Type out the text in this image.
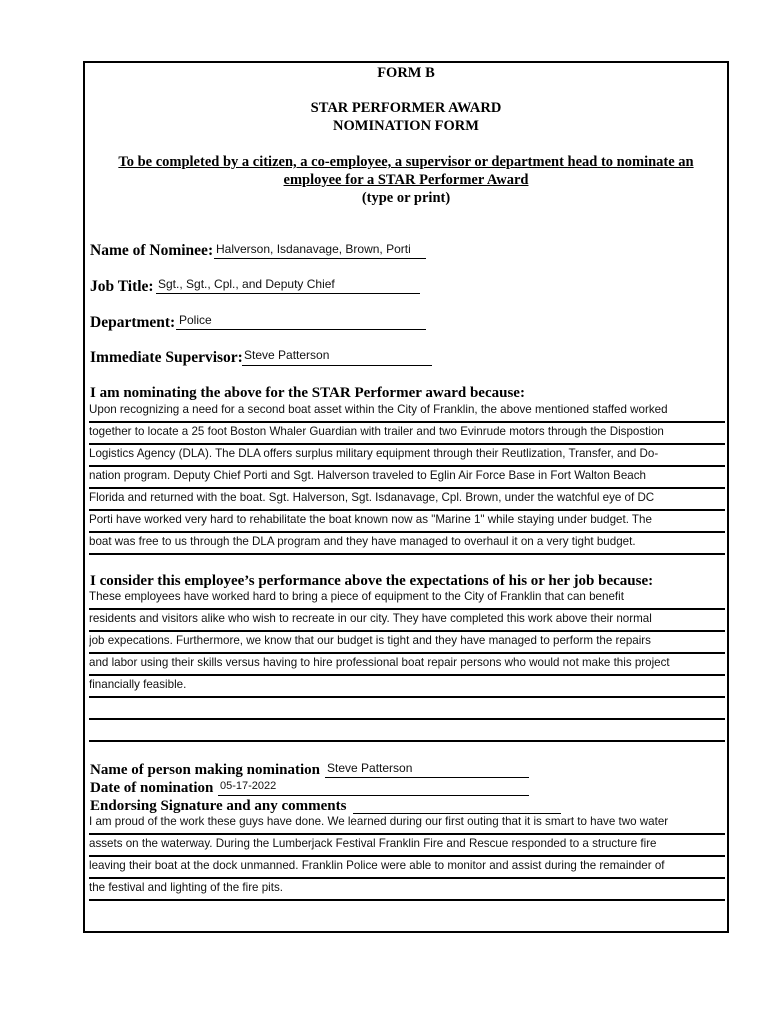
FORM B
STAR PERFORMER AWARD
NOMINATION FORM
To be completed by a citizen, a co-employee, a supervisor or department head to nominate an
employee for a STAR Performer Award
(type or print)
Name of Nominee: Halverson, Isdanavage, Brown, Porti
Job Title: Sgt., Sgt., Cpl., and Deputy Chief
Department: Police
Immediate Supervisor: Steve Patterson
I am nominating the above for the STAR Performer award because:
Upon recognizing a need for a second boat asset within the City of Franklin, the above mentioned staffed worked
together to locate a 25 foot Boston Whaler Guardian with trailer and two Evinrude motors through the Dispostion
Logistics Agency (DLA). The DLA offers surplus military equipment through their Reutlization, Transfer, and Do-
nation program. Deputy Chief Porti and Sgt. Halverson traveled to Eglin Air Force Base in Fort Walton Beach
Florida and returned with the boat. Sgt. Halverson, Sgt. Isdanavage, Cpl. Brown, under the watchful eye of DC
Porti have worked very hard to rehabilitate the boat known now as "Marine 1" while staying under budget. The
boat was free to us through the DLA program and they have managed to overhaul it on a very tight budget.
I consider this employee’s performance above the expectations of his or her job because:
These employees have worked hard to bring a piece of equipment to the City of Franklin that can benefit
residents and visitors alike who wish to recreate in our city. They have completed this work above their normal
job expecations. Furthermore, we know that our budget is tight and they have managed to perform the repairs
and labor using their skills versus having to hire professional boat repair persons who would not make this project
financially feasible.
Name of person making nomination Steve Patterson
Date of nomination 05-17-2022
Endorsing Signature and any comments
I am proud of the work these guys have done. We learned during our first outing that it is smart to have two water
assets on the waterway. During the Lumberjack Festival Franklin Fire and Rescue responded to a structure fire
leaving their boat at the dock unmanned. Franklin Police were able to monitor and assist during the remainder of
the festival and lighting of the fire pits.
